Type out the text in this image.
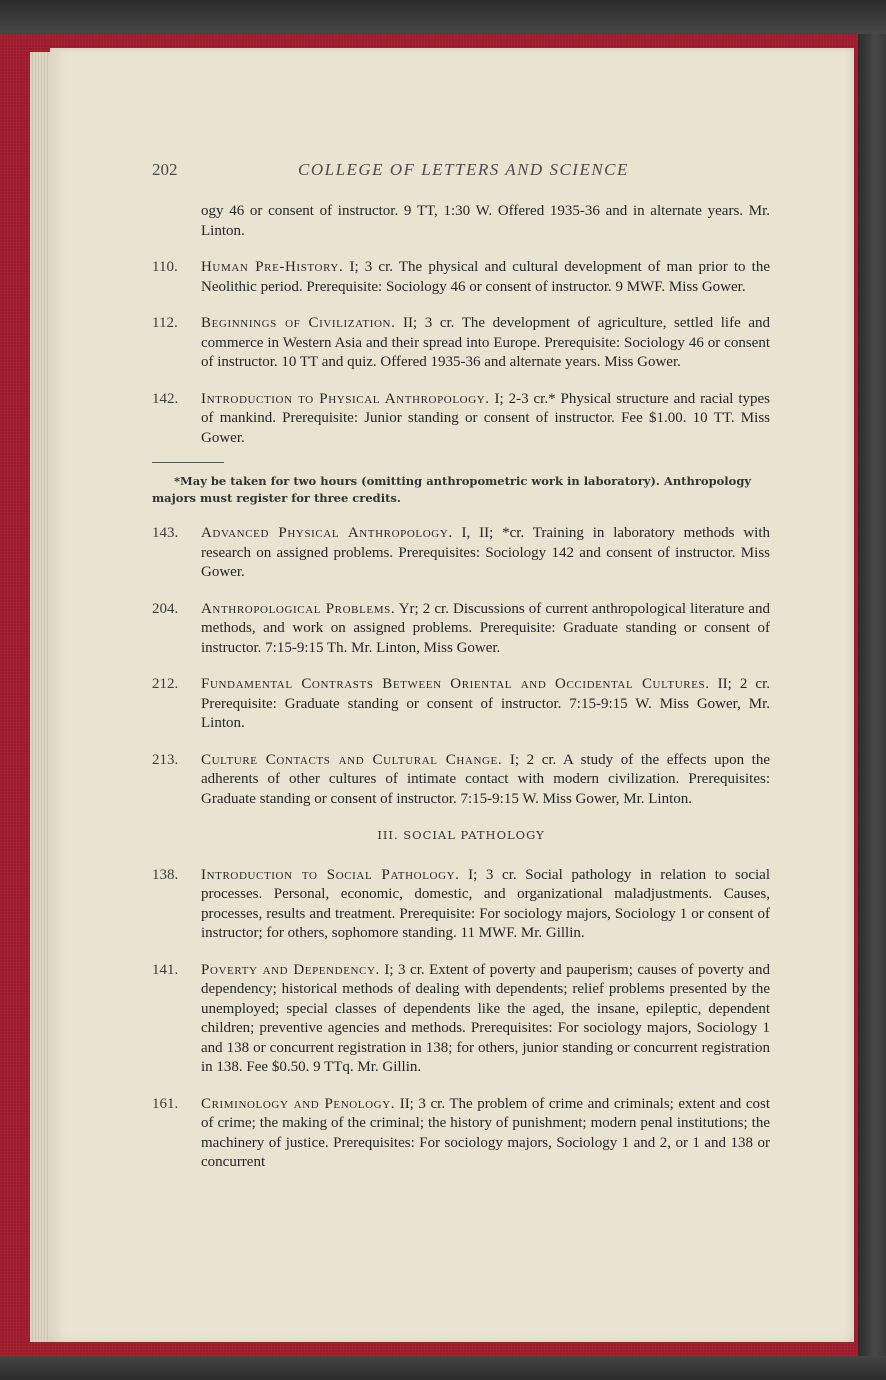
202	COLLEGE OF LETTERS AND SCIENCE
ogy 46 or consent of instructor. 9 TT, 1:30 W. Offered 1935-36 and in alternate years. Mr. Linton.
110. Human Pre-History. I; 3 cr. The physical and cultural development of man prior to the Neolithic period. Prerequisite: Sociology 46 or consent of instructor. 9 MWF. Miss Gower.
112. Beginnings of Civilization. II; 3 cr. The development of agriculture, settled life and commerce in Western Asia and their spread into Europe. Prerequisite: Sociology 46 or consent of instructor. 10 TT and quiz. Offered 1935-36 and alternate years. Miss Gower.
142. Introduction to Physical Anthropology. I; 2-3 cr.* Physical structure and racial types of mankind. Prerequisite: Junior standing or consent of instructor. Fee $1.00. 10 TT. Miss Gower.
*May be taken for two hours (omitting anthropometric work in laboratory). Anthropology majors must register for three credits.
143. Advanced Physical Anthropology. I, II; *cr. Training in laboratory methods with research on assigned problems. Prerequisites: Sociology 142 and consent of instructor. Miss Gower.
204. Anthropological Problems. Yr; 2 cr. Discussions of current anthropological literature and methods, and work on assigned problems. Prerequisite: Graduate standing or consent of instructor. 7:15-9:15 Th. Mr. Linton, Miss Gower.
212. Fundamental Contrasts Between Oriental and Occidental Cultures. II; 2 cr. Prerequisite: Graduate standing or consent of instructor. 7:15-9:15 W. Miss Gower, Mr. Linton.
213. Culture Contacts and Cultural Change. I; 2 cr. A study of the effects upon the adherents of other cultures of intimate contact with modern civilization. Prerequisites: Graduate standing or consent of instructor. 7:15-9:15 W. Miss Gower, Mr. Linton.
III. SOCIAL PATHOLOGY
138. Introduction to Social Pathology. I; 3 cr. Social pathology in relation to social processes. Personal, economic, domestic, and organizational maladjustments. Causes, processes, results and treatment. Prerequisite: For sociology majors, Sociology 1 or consent of instructor; for others, sophomore standing. 11 MWF. Mr. Gillin.
141. Poverty and Dependency. I; 3 cr. Extent of poverty and pauperism; causes of poverty and dependency; historical methods of dealing with dependents; relief problems presented by the unemployed; special classes of dependents like the aged, the insane, epileptic, dependent children; preventive agencies and methods. Prerequisites: For sociology majors, Sociology 1 and 138 or concurrent registration in 138; for others, junior standing or concurrent registration in 138. Fee $0.50. 9 TTq. Mr. Gillin.
161. Criminology and Penology. II; 3 cr. The problem of crime and criminals; extent and cost of crime; the making of the criminal; the history of punishment; modern penal institutions; the machinery of justice. Prerequisites: For sociology majors, Sociology 1 and 2, or 1 and 138 or concurrent
